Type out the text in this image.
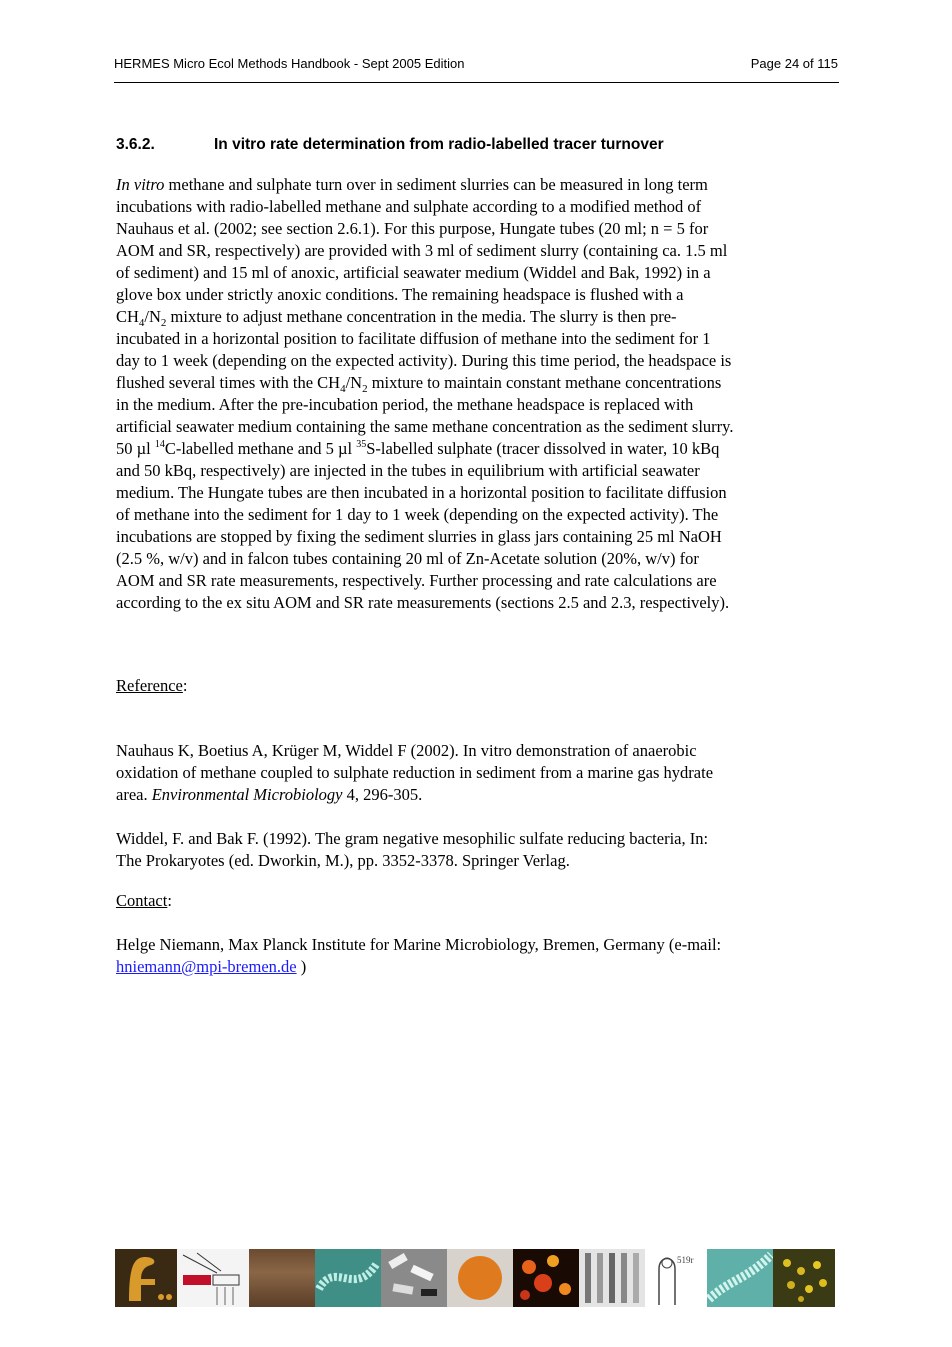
HERMES Micro Ecol Methods Handbook - Sept 2005 Edition	Page 24 of 115
3.6.2.	In vitro rate determination from radio-labelled tracer turnover
In vitro methane and sulphate turn over in sediment slurries can be measured in long term
incubations with radio-labelled methane and sulphate according to a modified method of
Nauhaus et al. (2002; see section 2.6.1). For this purpose, Hungate tubes (20 ml; n = 5 for
AOM and SR, respectively) are provided with 3 ml of sediment slurry (containing ca. 1.5 ml
of sediment) and 15 ml of anoxic, artificial seawater medium (Widdel and Bak, 1992) in a
glove box under strictly anoxic conditions. The remaining headspace is flushed with a
$CH_4/N_2$ mixture to adjust methane concentration in the media. The slurry is then pre-
incubated in a horizontal position to facilitate diffusion of methane into the sediment for 1
day to 1 week (depending on the expected activity). During this time period, the headspace is
flushed several times with the $CH_4/N_2$ mixture to maintain constant methane concentrations
in the medium. After the pre-incubation period, the methane headspace is replaced with
artificial seawater medium containing the same methane concentration as the sediment slurry.
50 µl $^{14}$C-labelled methane and 5 µl $^{35}$S-labelled sulphate (tracer dissolved in water, 10 kBq
and 50 kBq, respectively) are injected in the tubes in equilibrium with artificial seawater
medium. The Hungate tubes are then incubated in a horizontal position to facilitate diffusion
of methane into the sediment for 1 day to 1 week (depending on the expected activity). The
incubations are stopped by fixing the sediment slurries in glass jars containing 25 ml NaOH
(2.5 %, w/v) and in falcon tubes containing 20 ml of Zn-Acetate solution (20%, w/v) for
AOM and SR rate measurements, respectively. Further processing and rate calculations are
according to the ex situ AOM and SR rate measurements (sections 2.5 and 2.3, respectively).
Reference:
Nauhaus K, Boetius A, Krüger M, Widdel F (2002). In vitro demonstration of anaerobic
oxidation of methane coupled to sulphate reduction in sediment from a marine gas hydrate
area. Environmental Microbiology 4, 296-305.
Widdel, F. and Bak F. (1992). The gram negative mesophilic sulfate reducing bacteria, In:
The Prokaryotes (ed. Dworkin, M.), pp. 3352-3378. Springer Verlag.
Contact:
Helge Niemann, Max Planck Institute for Marine Microbiology, Bremen, Germany (e-mail:
hniemann@mpi-bremen.de )
519r
